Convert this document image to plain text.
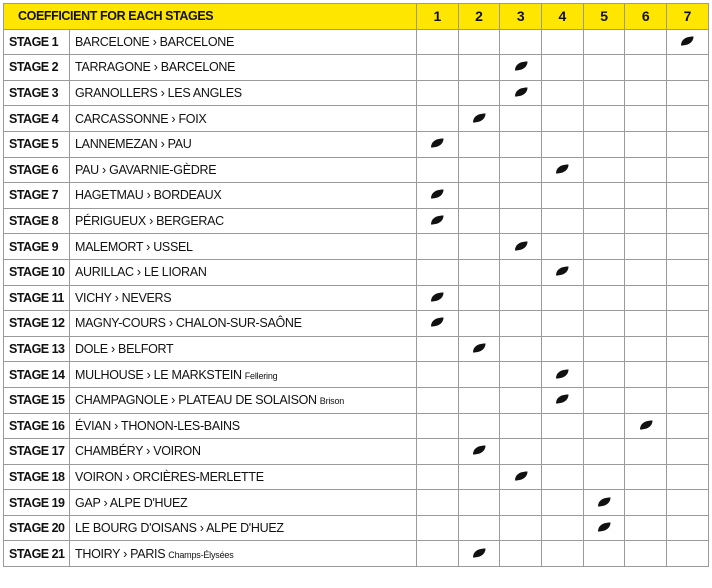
COEFFICIENT FOR EACH STAGES		1	2	3	4	5	6	7
STAGE 1	BARCELONE › BARCELONE							
STAGE 2	TARRAGONE › BARCELONE							
STAGE 3	GRANOLLERS › LES ANGLES							
STAGE 4	CARCASSONNE › FOIX							
STAGE 5	LANNEMEZAN › PAU							
STAGE 6	PAU › GAVARNIE-GÈDRE							
STAGE 7	HAGETMAU › BORDEAUX							
STAGE 8	PÉRIGUEUX › BERGERAC							
STAGE 9	MALEMORT › USSEL							
STAGE 10	AURILLAC › LE LIORAN							
STAGE 11	VICHY › NEVERS							
STAGE 12	MAGNY-COURS › CHALON-SUR-SAÔNE							
STAGE 13	DOLE › BELFORT							
STAGE 14	MULHOUSE › LE MARKSTEIN Fellering							
STAGE 15	CHAMPAGNOLE › PLATEAU DE SOLAISON Brison							
STAGE 16	ÉVIAN › THONON-LES-BAINS							
STAGE 17	CHAMBÉRY › VOIRON							
STAGE 18	VOIRON › ORCIÈRES-MERLETTE							
STAGE 19	GAP › ALPE D'HUEZ							
STAGE 20	LE BOURG D'OISANS › ALPE D'HUEZ							
STAGE 21	THOIRY › PARIS Champs-Élysées							
